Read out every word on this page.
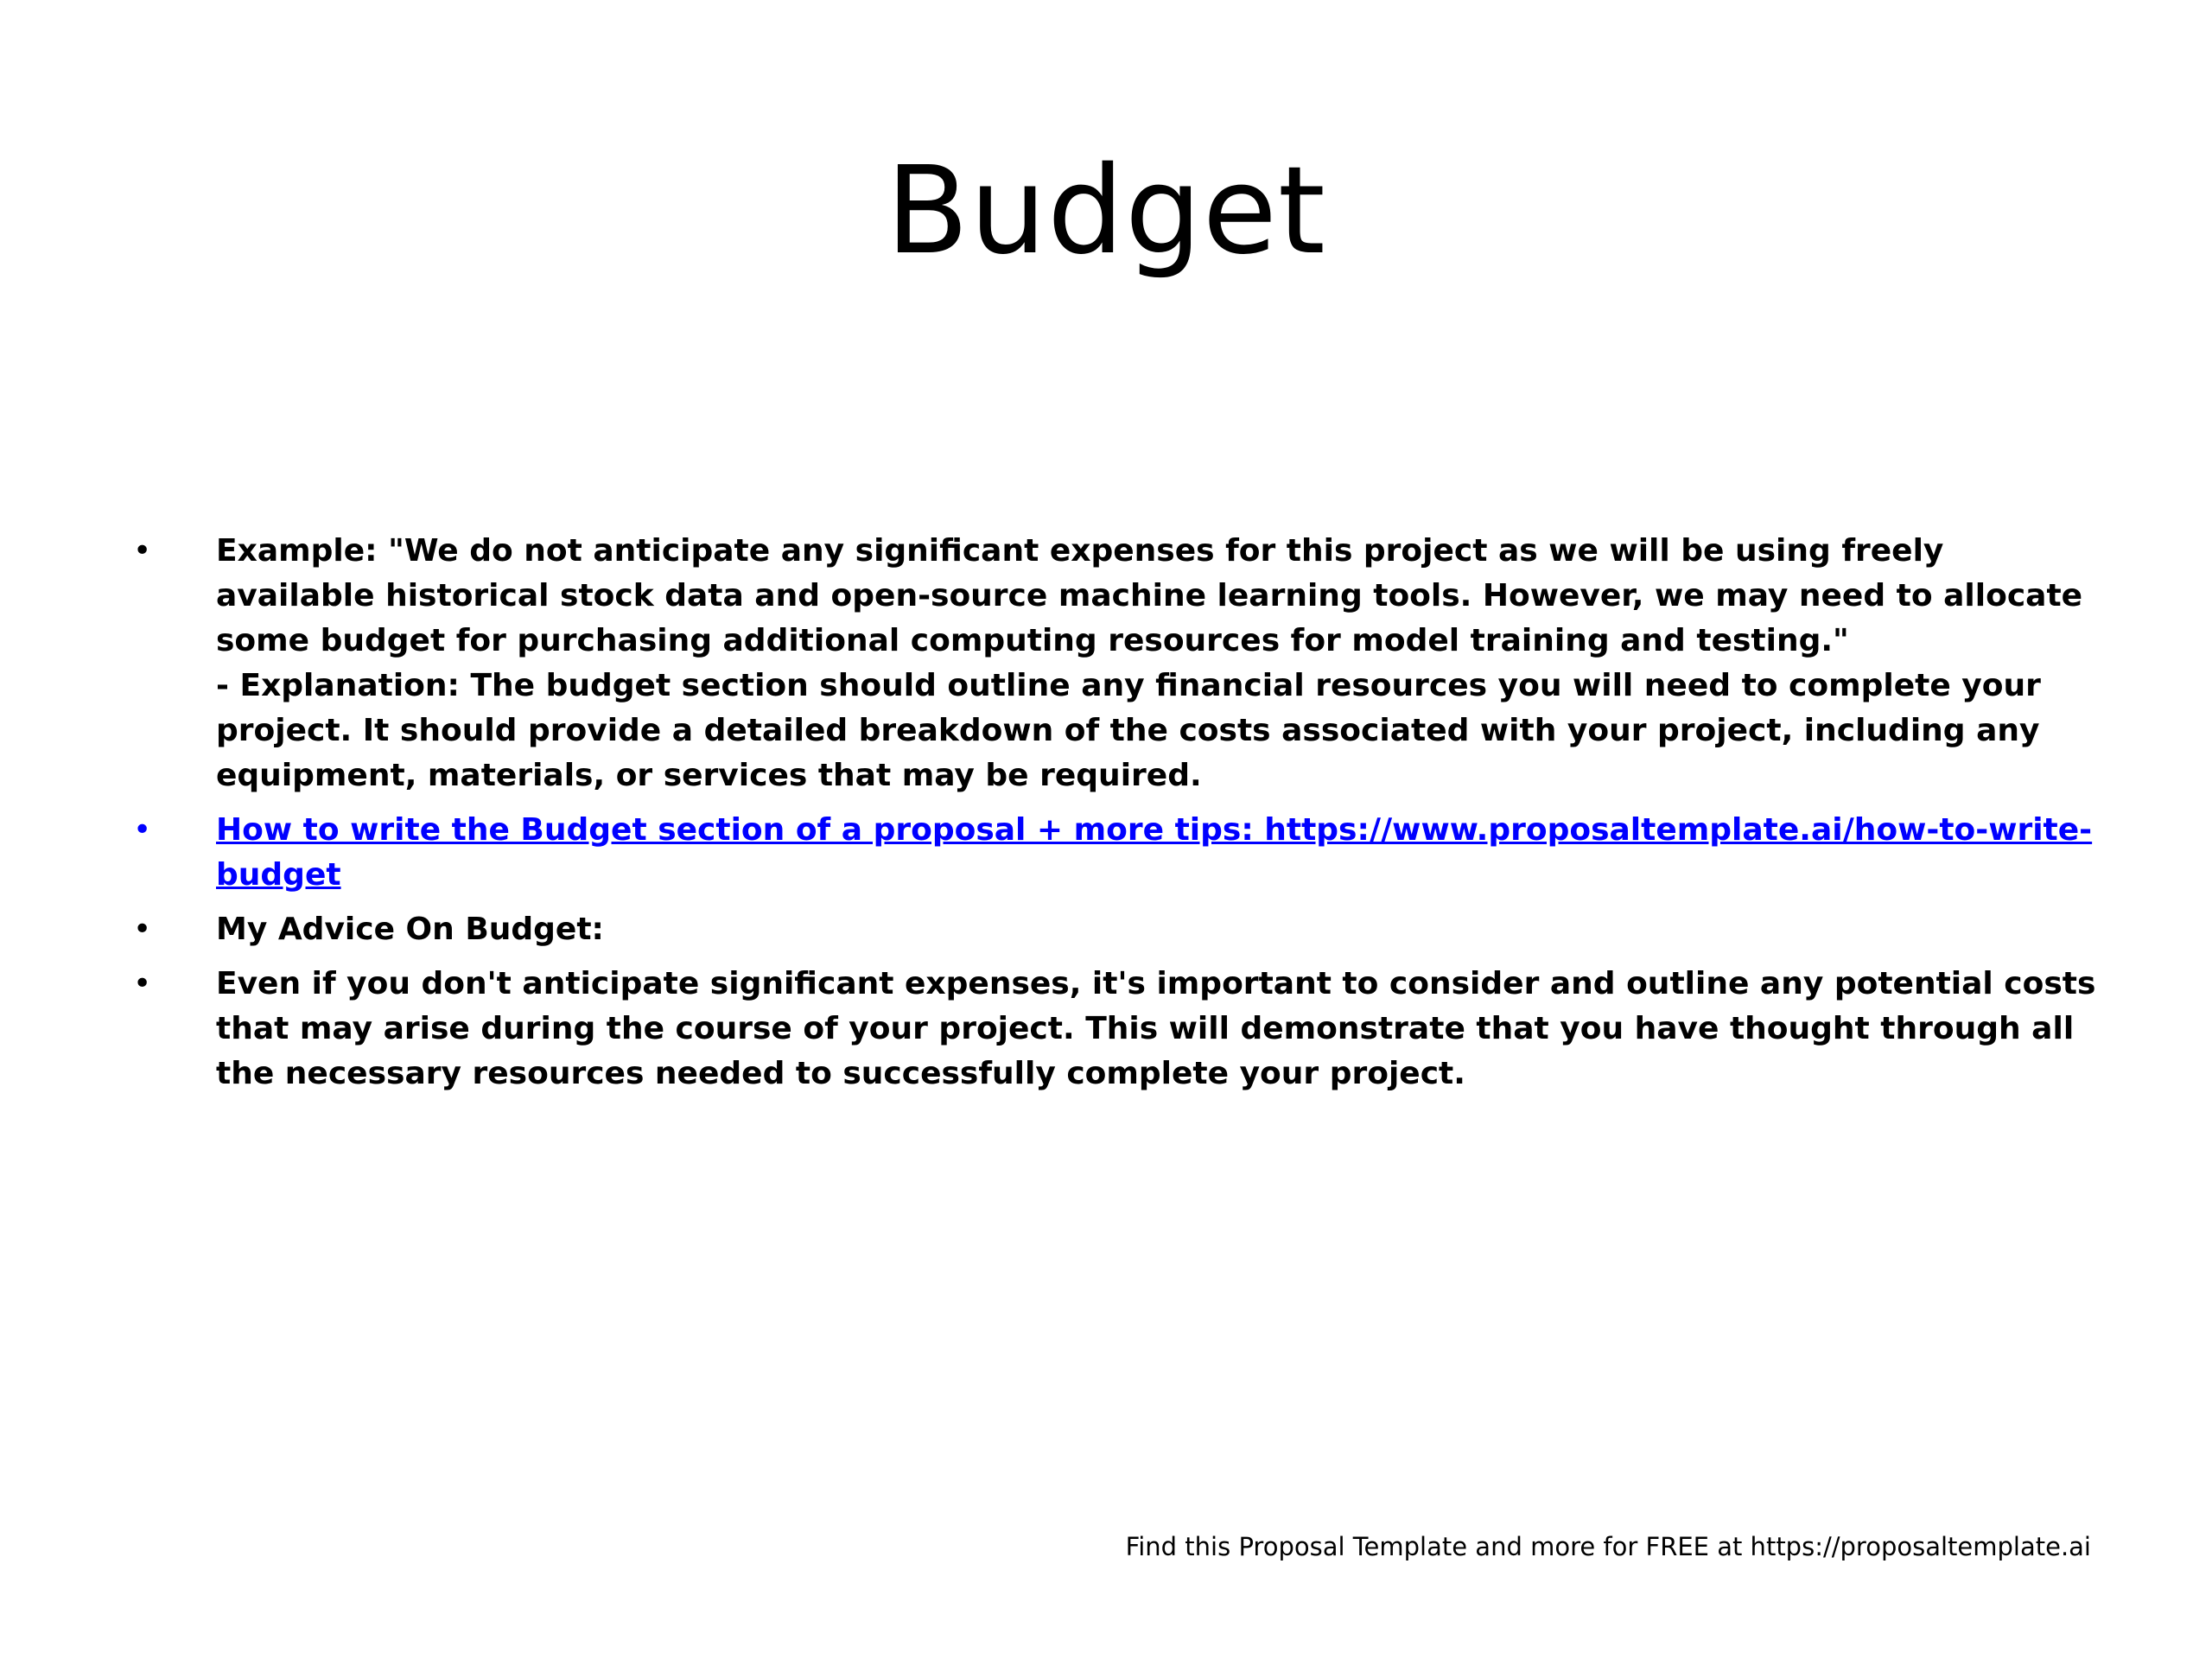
Budget
•	Example: "We do not anticipate any significant expenses for this project as we will be using freely available historical stock data and open-source machine learning tools. However, we may need to allocate some budget for purchasing additional computing resources for model training and testing."
- Explanation: The budget section should outline any financial resources you will need to complete your project. It should provide a detailed breakdown of the costs associated with your project, including any equipment, materials, or services that may be required.
•	How to write the Budget section of a proposal + more tips: https://www.proposaltemplate.ai/how-to-write-budget
•	My Advice On Budget:
•	Even if you don't anticipate significant expenses, it's important to consider and outline any potential costs that may arise during the course of your project. This will demonstrate that you have thought through all the necessary resources needed to successfully complete your project.
Find this Proposal Template and more for FREE at https://proposaltemplate.ai
